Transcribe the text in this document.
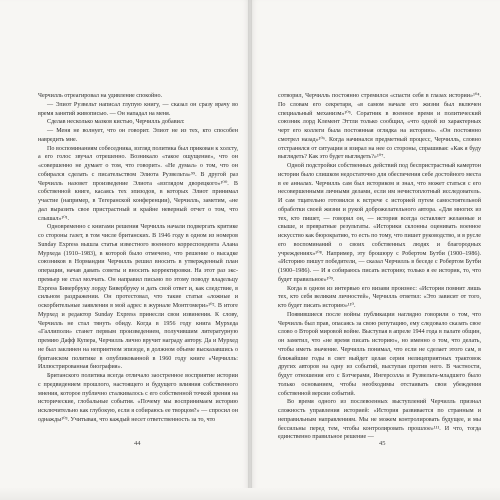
Черчилль отреагировал на удивление спокойно.

— Элиот Рузвельт написал глупую книгу, — сказал он сразу врачу во время занятий живописью. — Он нападал на меня.

Сделав несколько мазков кистью, Черчилль добавил:

— Меня не волнует, что он говорит. Элиот не из тех, кто способен навредить мне.

По воспоминаниям собеседника, взгляд политика был прикован к холсту, а его голос звучал отрешенно. Возникало «такое ощущение», что он «совершенно не думает о том, что говорит». «Не думал» о том, что он собирался сделать с писательством Элиота Рузвельта»⁹⁹. В другой раз Черчилль назовет произведение Элиота «взглядом дворецкого»¹⁰⁰. В собственной книге, касаясь тех эпизодов, в которых Элиот принимал участие (например, в Тегеранской конференции), Черчилль, заметим, «не дал выразить свое пристрастный и крайне неверный отчет о том, что слышал»¹⁰¹.

Одновременно с книгами решения Черчилль начали подвергать критике со стороны газет, в том числе британских. В 1946 году в одном из номеров Sunday Express вышла статья известного военного корреспондента Алана Мурхеда (1910–1983), в которой было отмечено, что решение о высадке союзников в Нормандии Черчилль решил вносить в утвержденный план операции, начав давать советы и вносить корректировки. На этот раз экс-премьер не стал молчать. Он направил письмо по этому поводу владельцу Express Бивербруку лорду Бивербруку и дать свой ответ и, как следствие, в сильном раздражении. Он протестовал, что такие статьи «ложные и оскорбительные заявления в мой адрес в журнале Монтгомери»¹⁰². В итоге Мурхед и редактор Sunday Express принесли свои извинения. К слову, Черчилль не стал тянуть обиду. Когда в 1956 году книга Мурхеда «Галлиполи» станет первым произведением, получившим литературную премию Дафф Купера, Черчилль лично вручит награду автору. Да и Мурхед не был заклинен на неприятном эпизоде, в должном объеме высказавшись о британском политике в опубликованной в 1960 году книге «Черчилль: Иллюстрированная биография».

Британского политика всегда отличало заостренное восприятие истории с предвидением прошлого, настоящего и будущего влияния собственного мнения, которое публично сталкивалось с его собственной точкой зрения на исторические, глобальные события. «Почему мы воспринимаем историю исключительно как глубокую, если я собираюсь ее творцом?» — спросил он однажды¹⁰³. Учитывая, что каждый несет ответственность за то, что

44

сотворил, Черчилль постоянно стремился «спасти себя в глазах истории»¹⁰⁴. По словам его секретаря, «в самом начале его жизни был включен специальный механизм»¹⁰⁵. Соратник в военное время и политический союзник лорд Клемент Эттли только сообщил, «что одной из характерных черт его коллеги была постоянная оглядка на историю». «Он постоянно смотрел назад»¹⁰⁶. Когда начинался предметный процесс, Черчилль, словно отстранялся от ситуации и взирал на нее со стороны, спрашивая: «Как я буду выглядеть? Как это будет выглядеть?»¹⁰⁷.

Одной подстройки собственных действий под беспристрастный камертон истории было слишком недостаточно для обеспечения себе достойного места в ее анналах. Черчилль сам был историком и знал, что может статься с его несовершенными личными делами, если им нечистоплотный исследователь. И сам тщательно готовился к встрече с историей путем самостоятельной обработки своей жизни и рукой доброжелательного автора. «Для многих из тех, кто пишет, — говорил он, — история всегда оставляет желанные и свыше, и превратные результаты. «Историки склонны оценивать военное искусство как бюрократию, то есть по тому, что пишет руководство, и в русле его воспоминаний о своих собственных людях и благородных учреждениях»¹⁰⁸. Например, эту брошюру с Робертом Бутби (1900–1986). «Историю пишут победители, — сказал Черчилль в беседе с Робертом Бутби (1900–1986). — И я собираюсь писать историю; только я ее историк, то, что будет правильное»¹⁰⁹.

Когда в одном из интервью его визави произнес: «История помнит лишь тех, кто себя великим личностей», Черчилль ответил: «Это зависит от того, кто будет писать историю»¹¹⁰.

Появившиеся после войны публикации наглядно говорили о том, что Черчилль был прав, опасаясь за свою репутацию, ему следовало сказать свое слово о Второй мировой войне. Выступая в апреле 1944 года в палате общин, он заметил, что «не время писать историю», но именно о том, что делать, чтобы иметь значение. Черчилль понимал, что если не сделает этого сам, в ближайшие годы в свет выйдет целая серия нелицеприятных трактовок других авторов на одну из событий, выступая против него. В частности, будут отношения его с Бэтчерами, Ингерсолла и Рузвельта-младшего было только основанием, чтобы необходимы отстаивать свои убеждения собственной версии событий.

Во время одного из послевоенных выступлений Черчилль признал сложность управления историей: «История развивается по странным и неправильным направлениям. Мы не можем контролировать будущее, и мы бессильны перед тем, чтобы контролировать прошлое»¹¹¹. И что, тогда единственно правильное решение —

45
